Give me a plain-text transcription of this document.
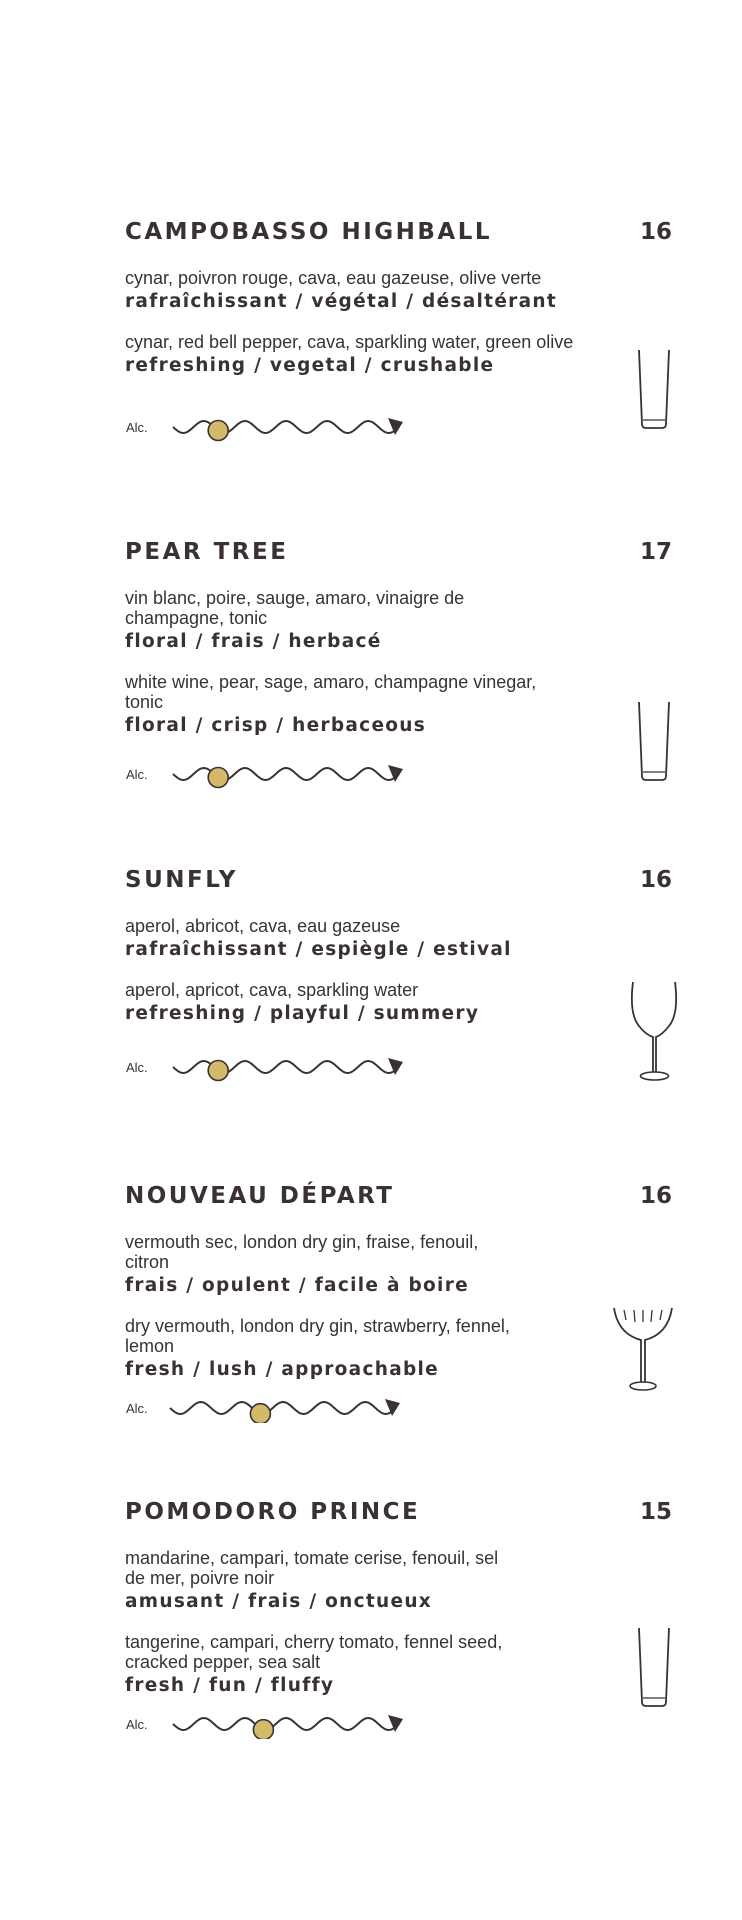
CAMPOBASSO HIGHBALL	16
cynar, poivron rouge, cava, eau gazeuse, olive verte
rafraîchissant / végétal / désaltérant
cynar, red bell pepper, cava, sparkling water, green olive
refreshing / vegetal / crushable
Alc.
PEAR TREE	17
vin blanc, poire, sauge, amaro, vinaigre de champagne, tonic
floral / frais / herbacé
white wine, pear, sage, amaro, champagne vinegar, tonic
floral / crisp / herbaceous
Alc.
SUNFLY	16
aperol, abricot, cava, eau gazeuse
rafraîchissant / espiègle / estival
aperol, apricot, cava, sparkling water
refreshing / playful / summery
Alc.
NOUVEAU DÉPART	16
vermouth sec, london dry gin, fraise, fenouil, citron
frais / opulent / facile à boire
dry vermouth, london dry gin, strawberry, fennel, lemon
fresh / lush / approachable
Alc.
POMODORO PRINCE	15
mandarine, campari, tomate cerise, fenouil, sel de mer, poivre noir
amusant / frais / onctueux
tangerine, campari, cherry tomato, fennel seed, cracked pepper, sea salt
fresh / fun / fluffy
Alc.
